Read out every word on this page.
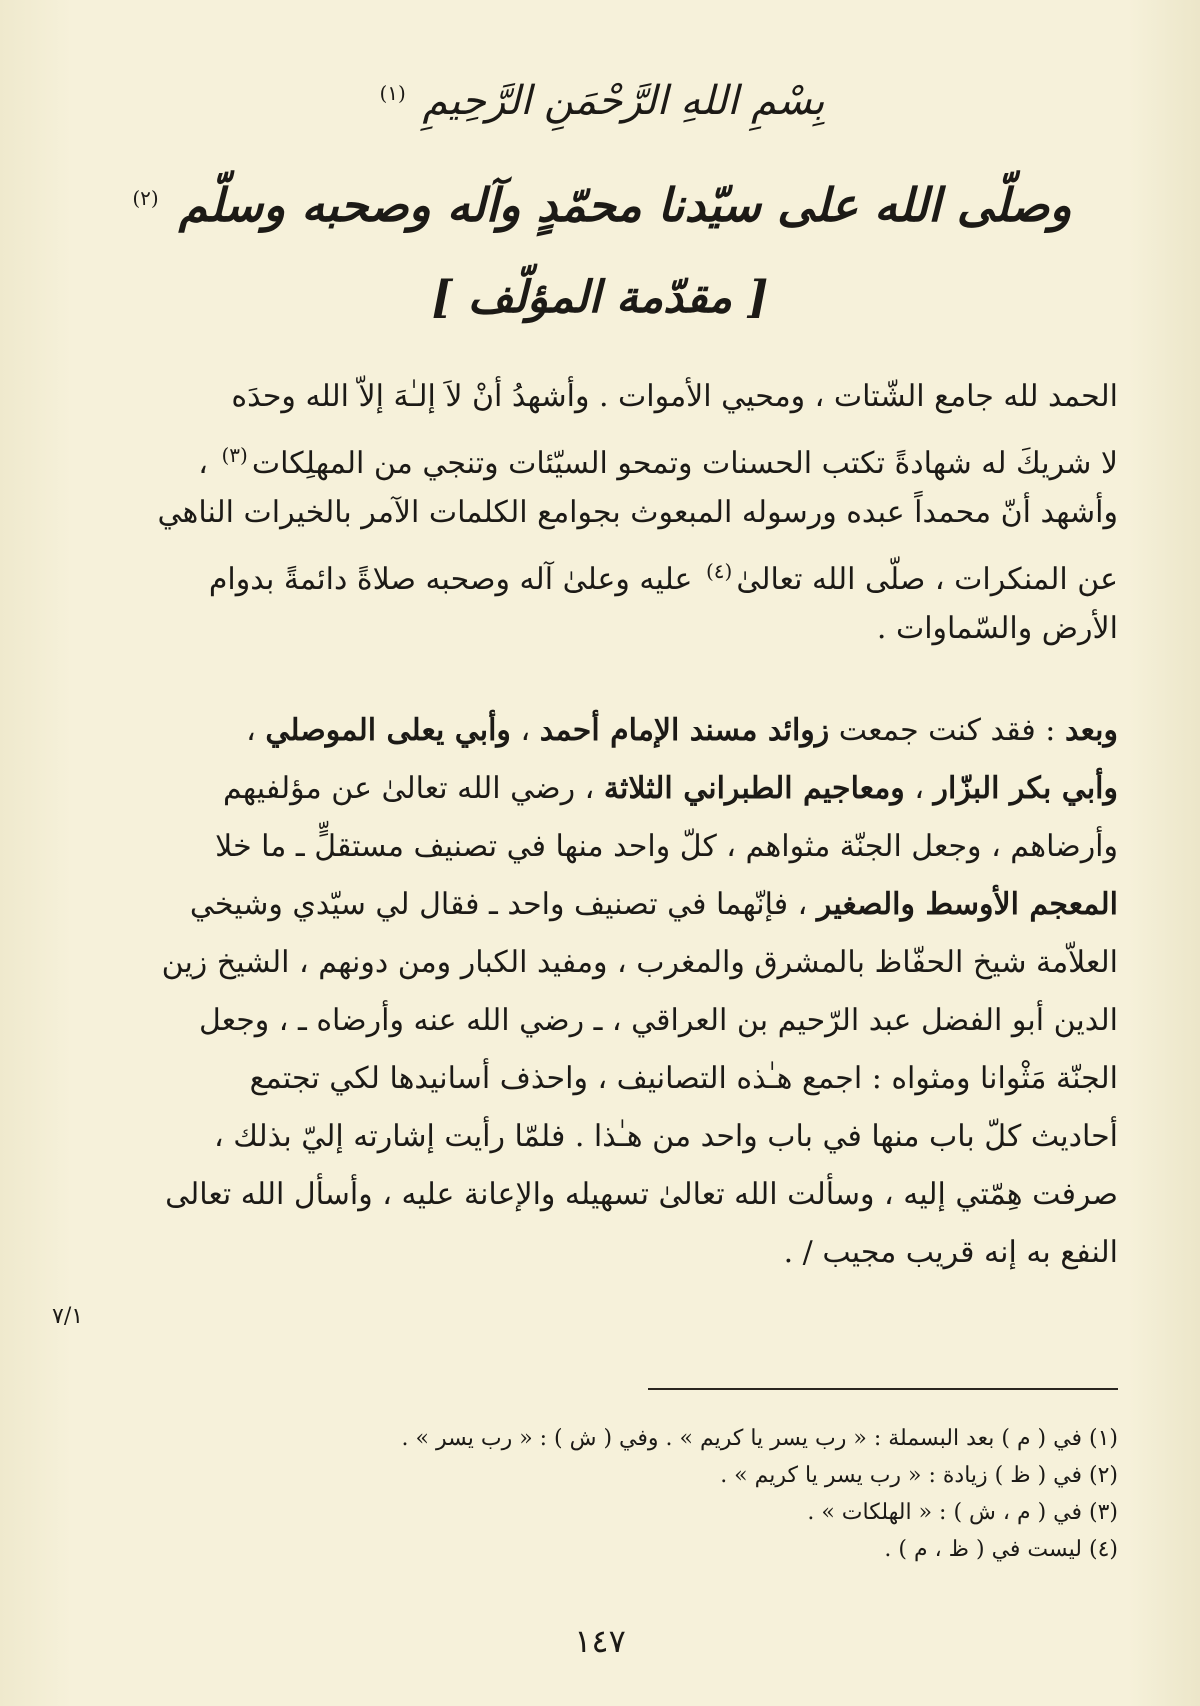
بِسْمِ اللهِ الرَّحْمَنِ الرَّحِيمِ $^{(١)}$
وصلّى الله على سيّدنا محمّدٍ وآله وصحبه وسلّم $^{(٢)}$
[ مقدّمة المؤلّف ]
الحمد لله جامع الشّتات ، ومحيي الأموات . وأشهدُ أنْ لاَ إلـٰهَ إلاّ الله وحدَه
لا شريكَ له شهادةً تكتب الحسنات وتمحو السيّئات وتنجي من المهلِكات$^{(٣)}$ ،
وأشهد أنّ محمداً عبده ورسوله المبعوث بجوامع الكلمات الآمر بالخيرات الناهي
عن المنكرات ، صلّى الله تعالىٰ$^{(٤)}$ عليه وعلىٰ آله وصحبه صلاةً دائمةً بدوام
الأرض والسّماوات .
وبعد : فقد كنت جمعت زوائد مسند الإمام أحمد ، وأبي يعلى الموصلي ،
وأبي بكر البزّار ، ومعاجيم الطبراني الثلاثة ، رضي الله تعالىٰ عن مؤلفيهم
وأرضاهم ، وجعل الجنّة مثواهم ، كلّ واحد منها في تصنيف مستقلٍّ ـ ما خلا
المعجم الأوسط والصغير ، فإنّهما في تصنيف واحد ـ فقال لي سيّدي وشيخي
العلاّمة شيخ الحفّاظ بالمشرق والمغرب ، ومفيد الكبار ومن دونهم ، الشيخ زين
الدين أبو الفضل عبد الرّحيم بن العراقي ، ـ رضي الله عنه وأرضاه ـ ، وجعل
الجنّة مَثْوانا ومثواه : اجمع هـٰذه التصانيف ، واحذف أسانيدها لكي تجتمع
أحاديث كلّ باب منها في باب واحد من هـٰذا . فلمّا رأيت إشارته إليّ بذلك ،
صرفت هِمّتي إليه ، وسألت الله تعالىٰ تسهيله والإعانة عليه ، وأسأل الله تعالى
النفع به إنه قريب مجيب / .
٧/١
(١) في ( م ) بعد البسملة : « رب يسر يا كريم » . وفي ( ش ) : « رب يسر » .
(٢) في ( ظ ) زيادة : « رب يسر يا كريم » .
(٣) في ( م ، ش ) : « الهلكات » .
(٤) ليست في ( ظ ، م ) .
١٤٧
